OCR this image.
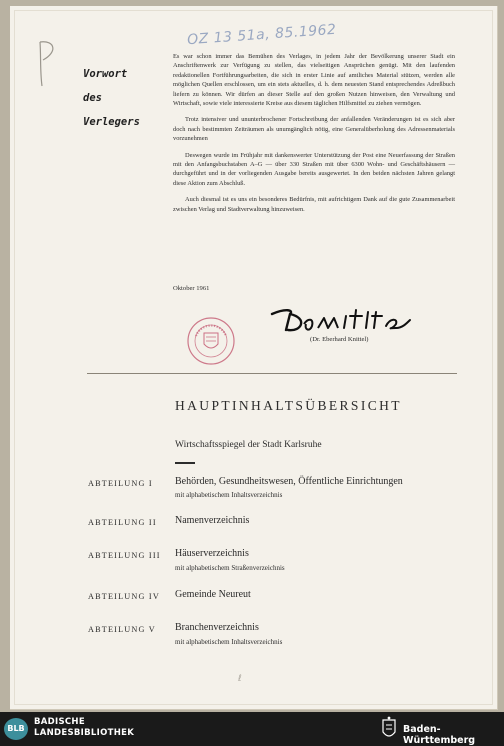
OZ 13 51a, 85.1962
Vorwort
des
Verlegers

Es war schon immer das Bemühen des Verlages, in jedem Jahr der Bevölkerung unserer Stadt ein Anschriftenwerk zur Verfügung zu stellen, das vielseitigen Ansprüchen genügt. Mit den laufenden redaktionellen Fortführungsarbeiten, die sich in erster Linie auf amtliches Material stützen, werden alle möglichen Quellen erschlossen, um ein stets aktuelles, d. h. dem neuesten Stand entsprechendes Adreßbuch liefern zu können. Wir dürfen an dieser Stelle auf den großen Nutzen hinweisen, den Verwaltung und Wirtschaft, sowie viele interessierte Kreise aus diesem täglichen Hilfsmittel zu ziehen vermögen.

Trotz intensiver und ununterbrochener Fortschreibung der anfallenden Veränderungen ist es sich aber doch nach bestimmten Zeiträumen als unumgänglich nötig, eine Generalüberholung des Adressenmaterials vorzunehmen

Deswegen wurde im Frühjahr mit dankenswerter Unterstützung der Post eine Neuerfassung der Straßen mit den Anfangsbuchstaben A–G — über 330 Straßen mit über 6300 Wohn- und Geschäftshäusern — durchgeführt und in der vorliegenden Ausgabe bereits ausgewertet. In den beiden nächsten Jahren gelangt diese Aktion zum Abschluß.

Auch diesmal ist es uns ein besonderes Bedürfnis, mit aufrichtigem Dank auf die gute Zusammenarbeit zwischen Verlag und Stadtverwaltung hinzuweisen.

Oktober 1961
(Dr. Eberhard Knittel)
HAUPTINHALTSÜBERSICHT
Wirtschaftsspiegel der Stadt Karlsruhe
ABTEILUNG I Behörden, Gesundheitswesen, Öffentliche Einrichtungen
mit alphabetischem Inhaltsverzeichnis
ABTEILUNG II Namenverzeichnis
ABTEILUNG III Häuserverzeichnis
mit alphabetischem Straßenverzeichnis
ABTEILUNG IV Gemeinde Neureut
ABTEILUNG V Branchenverzeichnis
mit alphabetischem Inhaltsverzeichnis
ℓ
BLB
BADISCHE
LANDESBIBLIOTHEK	Baden-Württemberg
